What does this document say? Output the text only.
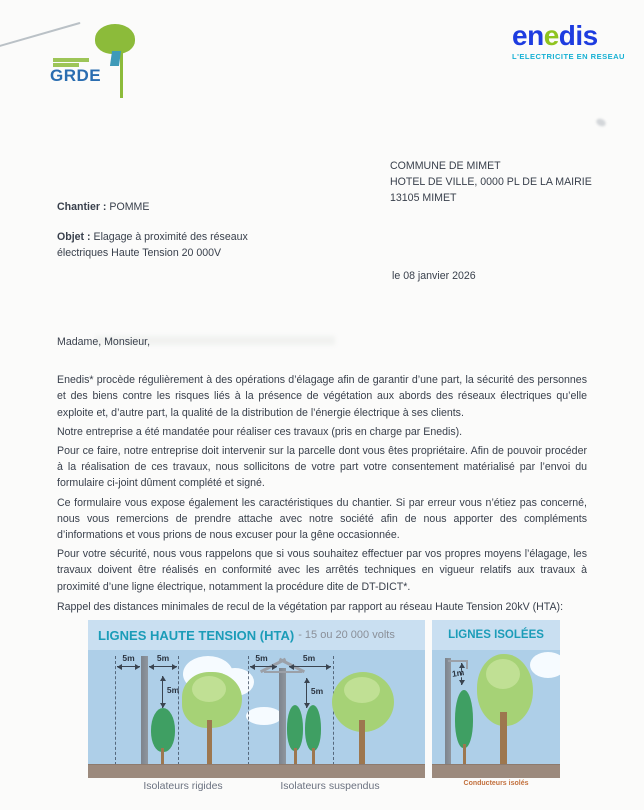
GRDE
enedis
L'ELECTRICITE EN RESEAU
COMMUNE DE MIMET
HOTEL DE VILLE, 0000 PL DE LA MAIRIE
13105 MIMET
Chantier : POMME
Objet : Elagage à proximité des réseaux électriques Haute Tension 20 000V
le 08 janvier 2026

Madame, Monsieur,

Enedis* procède régulièrement à des opérations d’élagage afin de garantir d’une part, la sécurité des personnes et des biens contre les risques liés à la présence de végétation aux abords des réseaux électriques qu’elle exploite et, d’autre part, la qualité de la distribution de l’énergie électrique à ses clients.

Notre entreprise a été mandatée pour réaliser ces travaux (pris en charge par Enedis).

Pour ce faire, notre entreprise doit intervenir sur la parcelle dont vous êtes propriétaire. Afin de pouvoir procéder à la réalisation de ces travaux, nous sollicitons de votre part votre consentement matérialisé par l’envoi du formulaire ci-joint dûment complété et signé.

Ce formulaire vous expose également les caractéristiques du chantier. Si par erreur vous n’étiez pas concerné, nous vous remercions de prendre attache avec notre société afin de nous apporter des compléments d’informations et vous prions de nous excuser pour la gêne occasionnée.

Pour votre sécurité, nous vous rappelons que si vous souhaitez effectuer par vos propres moyens l’élagage, les travaux doivent être réalisés en conformité avec les arrêtés techniques en vigueur relatifs aux travaux à proximité d’une ligne électrique, notamment la procédure dite de DT-DICT*.

Rappel des distances minimales de recul de la végétation par rapport au réseau Haute Tension 20kV (HTA):
LIGNES HAUTE TENSION (HTA) - 15 ou 20 000 volts
5m	5m
5m
5m	5m
5m
Isolateurs rigides	Isolateurs suspendus
LIGNES ISOLÉES
1m
Conducteurs isolés
